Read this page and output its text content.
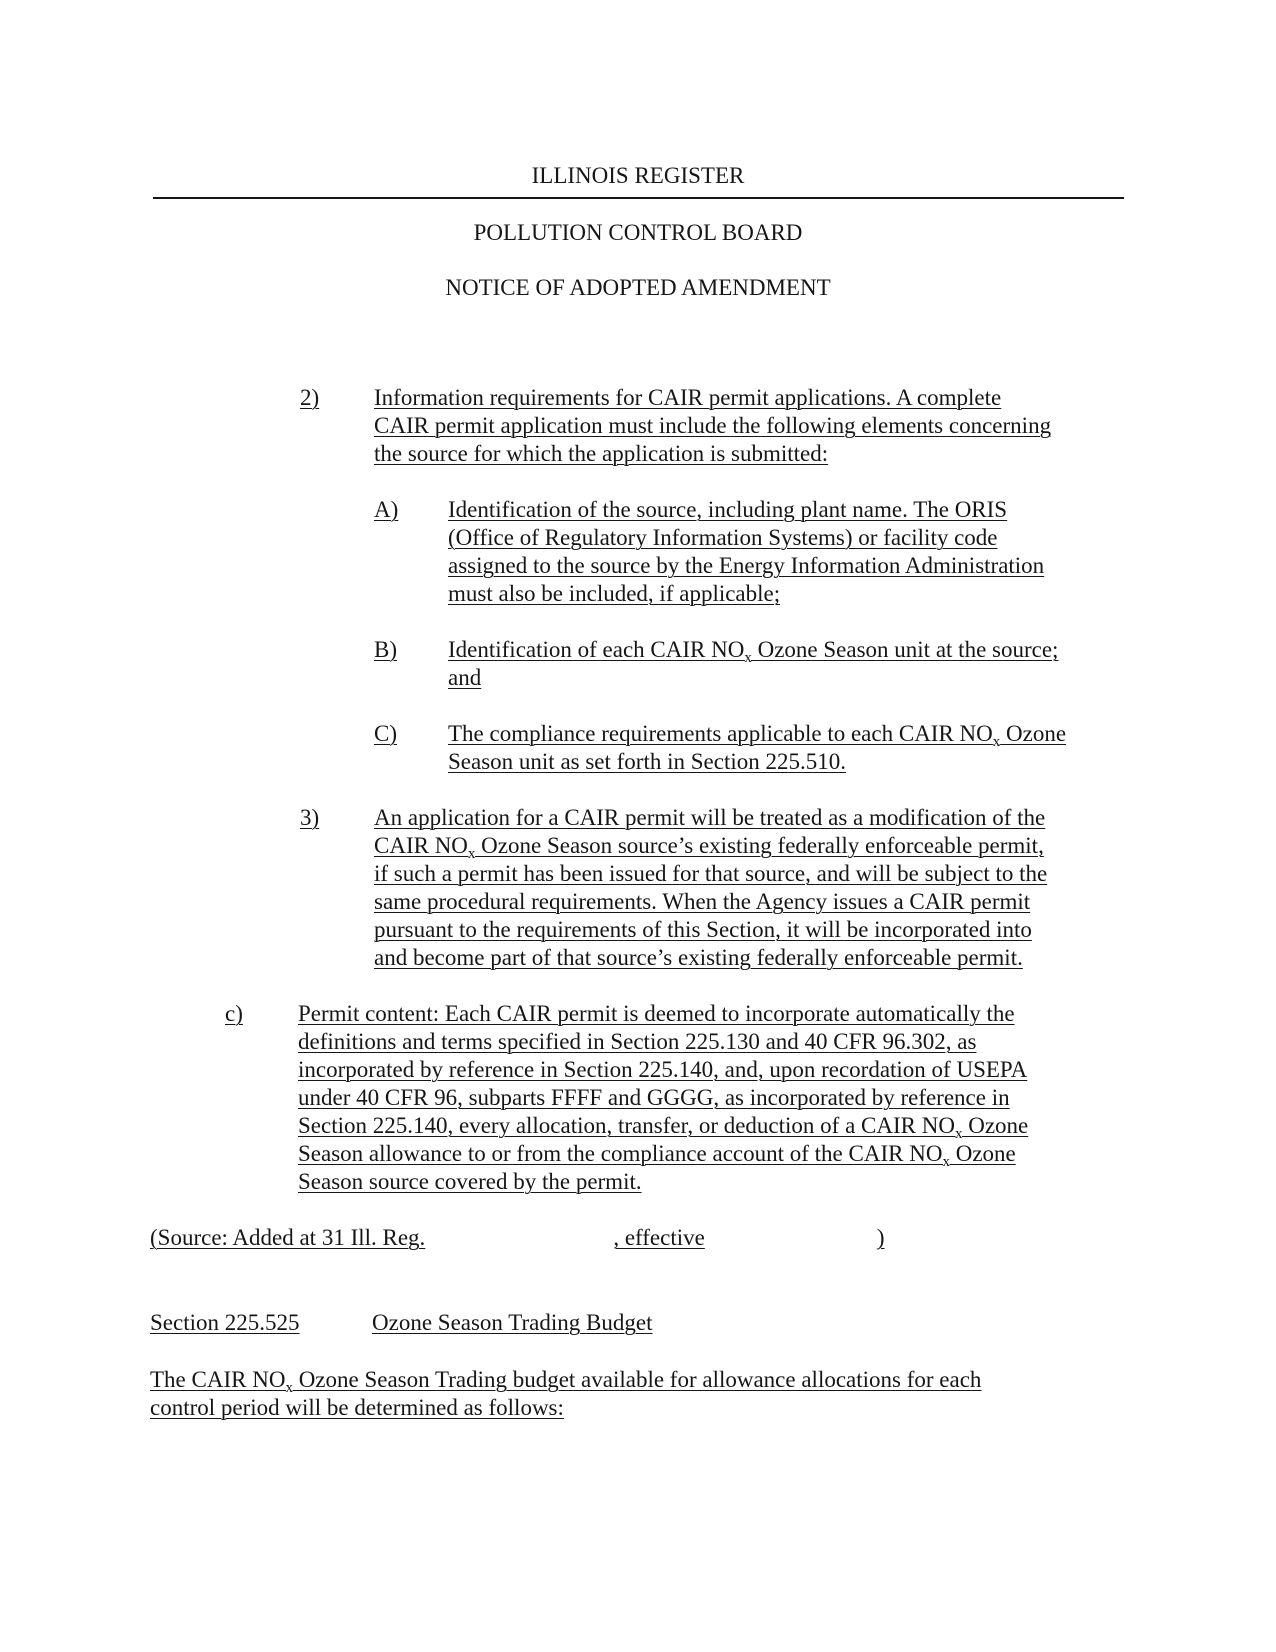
ILLINOIS REGISTER
POLLUTION CONTROL BOARD
NOTICE OF ADOPTED AMENDMENT
2)	Information requirements for CAIR permit applications. A complete
CAIR permit application must include the following elements concerning
the source for which the application is submitted:
A)	Identification of the source, including plant name. The ORIS
(Office of Regulatory Information Systems) or facility code
assigned to the source by the Energy Information Administration
must also be included, if applicable;
B)	Identification of each CAIR $NO_x$ Ozone Season unit at the source;
and
C)	The compliance requirements applicable to each CAIR $NO_x$ Ozone
Season unit as set forth in Section 225.510.
3)	An application for a CAIR permit will be treated as a modification of the
CAIR $NO_x$ Ozone Season source’s existing federally enforceable permit,
if such a permit has been issued for that source, and will be subject to the
same procedural requirements. When the Agency issues a CAIR permit
pursuant to the requirements of this Section, it will be incorporated into
and become part of that source’s existing federally enforceable permit.
c)	Permit content: Each CAIR permit is deemed to incorporate automatically the
definitions and terms specified in Section 225.130 and 40 CFR 96.302, as
incorporated by reference in Section 225.140, and, upon recordation of USEPA
under 40 CFR 96, subparts FFFF and GGGG, as incorporated by reference in
Section 225.140, every allocation, transfer, or deduction of a CAIR $NO_x$ Ozone
Season allowance to or from the compliance account of the CAIR $NO_x$ Ozone
Season source covered by the permit.
(Source: Added at 31 Ill. Reg.	, effective	)
Section 225.525	Ozone Season Trading Budget
The CAIR $NO_x$ Ozone Season Trading budget available for allowance allocations for each
control period will be determined as follows:
